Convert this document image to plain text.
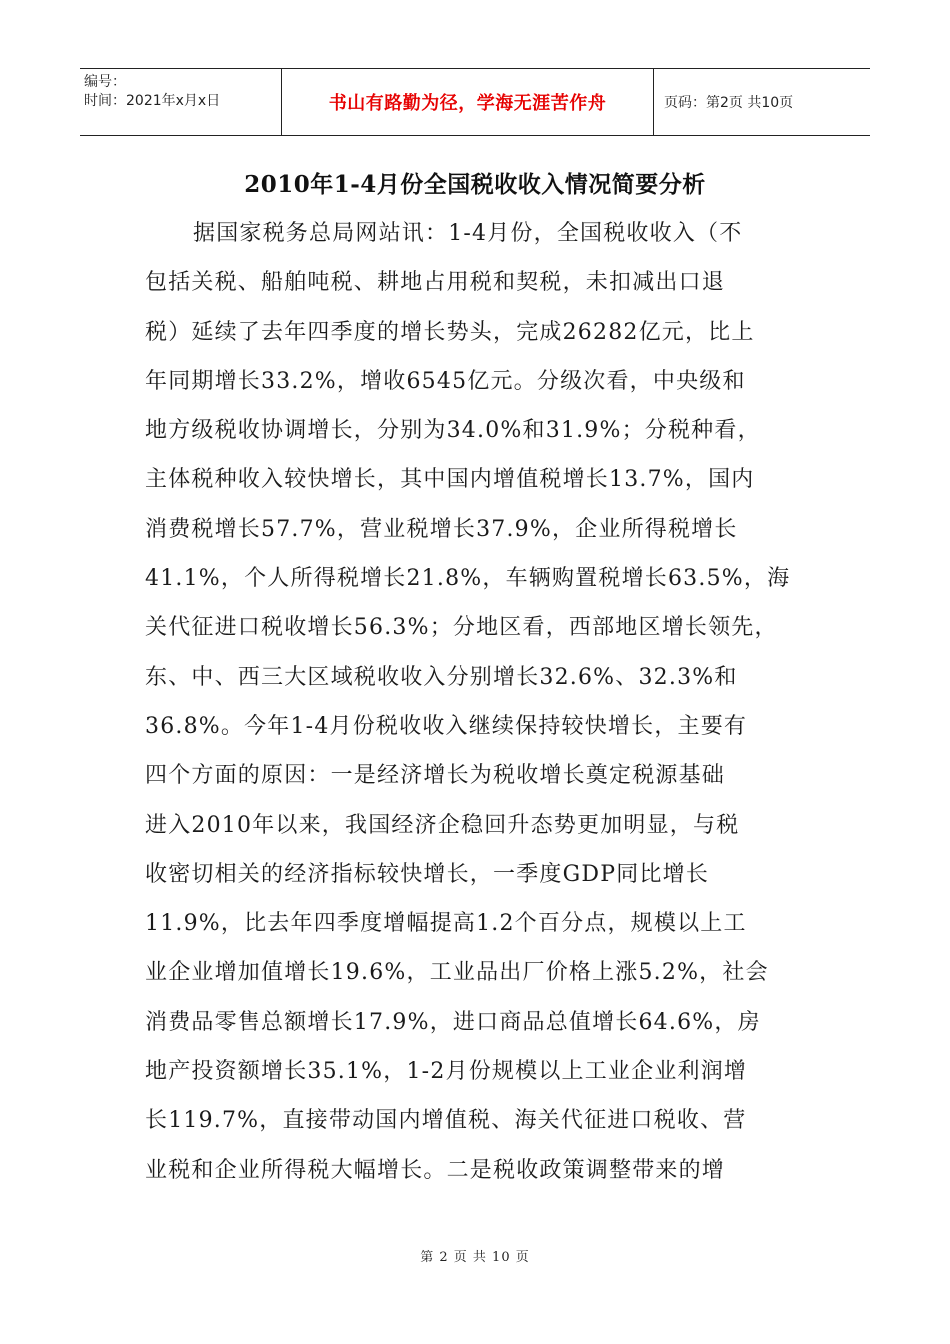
编号：
时间：2021年x月x日	书山有路勤为径，学海无涯苦作舟	页码：第2页 共10页
2010年1-4月份全国税收收入情况简要分析
据国家税务总局网站讯：1-4月份，全国税收收入（不
包括关税、船舶吨税、耕地占用税和契税，未扣减出口退
税）延续了去年四季度的增长势头，完成26282亿元，比上
年同期增长33.2%，增收6545亿元。分级次看，中央级和
地方级税收协调增长，分别为34.0%和31.9%；分税种看，
主体税种收入较快增长，其中国内增值税增长13.7%，国内
消费税增长57.7%，营业税增长37.9%，企业所得税增长
41.1%，个人所得税增长21.8%，车辆购置税增长63.5%，海
关代征进口税收增长56.3%；分地区看，西部地区增长领先，
东、中、西三大区域税收收入分别增长32.6%、32.3%和
36.8%。今年1-4月份税收收入继续保持较快增长，主要有
四个方面的原因：一是经济增长为税收增长奠定税源基础
进入2010年以来，我国经济企稳回升态势更加明显，与税
收密切相关的经济指标较快增长，一季度GDP同比增长
11.9%，比去年四季度增幅提高1.2个百分点，规模以上工
业企业增加值增长19.6%，工业品出厂价格上涨5.2%，社会
消费品零售总额增长17.9%，进口商品总值增长64.6%，房
地产投资额增长35.1%，1-2月份规模以上工业企业利润增
长119.7%，直接带动国内增值税、海关代征进口税收、营
业税和企业所得税大幅增长。二是税收政策调整带来的增
第 2 页 共 10 页
